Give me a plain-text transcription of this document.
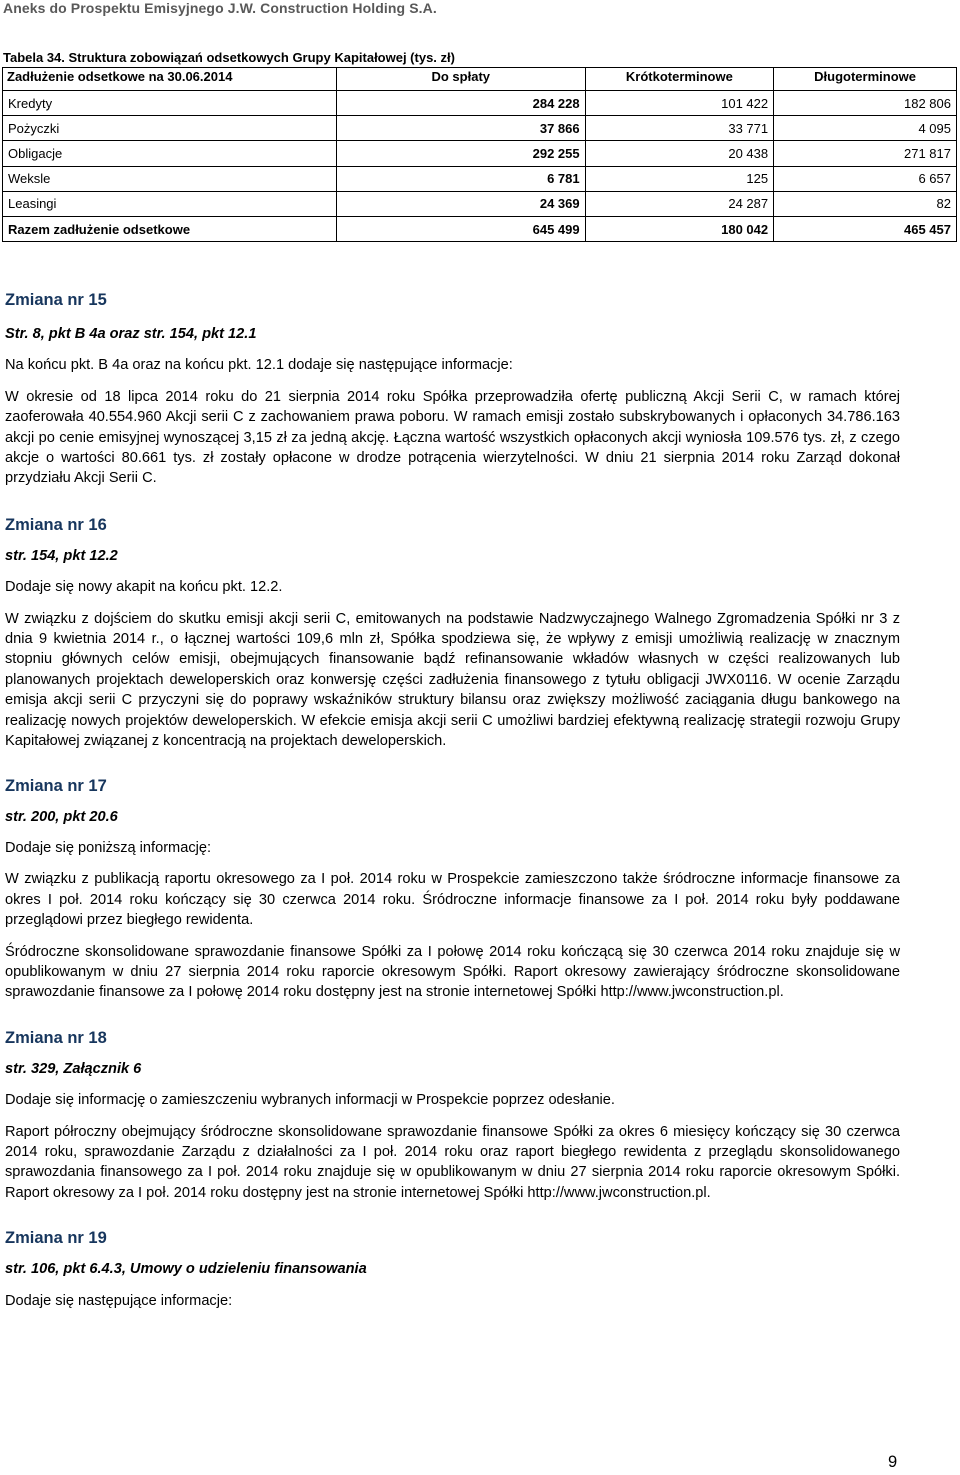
Aneks do Prospektu Emisyjnego J.W. Construction Holding S.A.
Tabela 34. Struktura zobowiązań odsetkowych Grupy Kapitałowej (tys. zł)
Zadłużenie odsetkowe na 30.06.2014	Do spłaty	Krótkoterminowe	Długoterminowe
Kredyty	284 228	101 422	182 806
Pożyczki	37 866	33 771	4 095
Obligacje	292 255	20 438	271 817
Weksle	6 781	125	6 657
Leasingi	24 369	24 287	82
Razem zadłużenie odsetkowe	645 499	180 042	465 457

Zmiana nr 15

Str. 8, pkt B 4a oraz str. 154, pkt 12.1

Na końcu pkt. B 4a oraz na końcu pkt. 12.1 dodaje się następujące informacje:

W okresie od 18 lipca 2014 roku do 21 sierpnia 2014 roku Spółka przeprowadziła ofertę publiczną Akcji Serii C, w ramach której zaoferowała 40.554.960 Akcji serii C z zachowaniem prawa poboru. W ramach emisji zostało subskrybowanych i opłaconych 34.786.163 akcji po cenie emisyjnej wynoszącej 3,15 zł za jedną akcję. Łączna wartość wszystkich opłaconych akcji wyniosła 109.576 tys. zł, z czego akcje o wartości 80.661 tys. zł zostały opłacone w drodze potrącenia wierzytelności. W dniu 21 sierpnia 2014 roku Zarząd dokonał przydziału Akcji Serii C.

Zmiana nr 16

str. 154, pkt 12.2

Dodaje się nowy akapit na końcu pkt. 12.2.

W związku z dojściem do skutku emisji akcji serii C, emitowanych na podstawie Nadzwyczajnego Walnego Zgromadzenia Spółki nr 3 z dnia 9 kwietnia 2014 r., o łącznej wartości 109,6 mln zł, Spółka spodziewa się, że wpływy z emisji umożliwią realizację w znacznym stopniu głównych celów emisji, obejmujących finansowanie bądź refinansowanie wkładów własnych w części realizowanych lub planowanych projektach deweloperskich oraz konwersję części zadłużenia finansowego z tytułu obligacji JWX0116. W ocenie Zarządu emisja akcji serii C przyczyni się do poprawy wskaźników struktury bilansu oraz zwiększy możliwość zaciągania długu bankowego na realizację nowych projektów deweloperskich. W efekcie emisja akcji serii C umożliwi bardziej efektywną realizację strategii rozwoju Grupy Kapitałowej związanej z koncentracją na projektach deweloperskich.

Zmiana nr 17

str. 200, pkt 20.6

Dodaje się poniższą informację:

W związku z publikacją raportu okresowego za I poł. 2014 roku w Prospekcie zamieszczono także śródroczne informacje finansowe za okres I poł. 2014 roku kończący się 30 czerwca 2014 roku. Śródroczne informacje finansowe za I poł. 2014 roku były poddawane przeglądowi przez biegłego rewidenta.

Śródroczne skonsolidowane sprawozdanie finansowe Spółki za I połowę 2014 roku kończącą się 30 czerwca 2014 roku znajduje się w opublikowanym w dniu 27 sierpnia 2014 roku raporcie okresowym Spółki. Raport okresowy zawierający śródroczne skonsolidowane sprawozdanie finansowe za I połowę 2014 roku dostępny jest na stronie internetowej Spółki http://www.jwconstruction.pl.

Zmiana nr 18

str. 329, Załącznik 6

Dodaje się informację o zamieszczeniu wybranych informacji w Prospekcie poprzez odesłanie.

Raport półroczny obejmujący śródroczne skonsolidowane sprawozdanie finansowe Spółki za okres 6 miesięcy kończący się 30 czerwca 2014 roku, sprawozdanie Zarządu z działalności za I poł. 2014 roku oraz raport biegłego rewidenta z przeglądu skonsolidowanego sprawozdania finansowego za I poł. 2014 roku znajduje się w opublikowanym w dniu 27 sierpnia 2014 roku raporcie okresowym Spółki. Raport okresowy za I poł. 2014 roku dostępny jest na stronie internetowej Spółki http://www.jwconstruction.pl.

Zmiana nr 19

str. 106, pkt 6.4.3, Umowy o udzieleniu finansowania

Dodaje się następujące informacje:

9
